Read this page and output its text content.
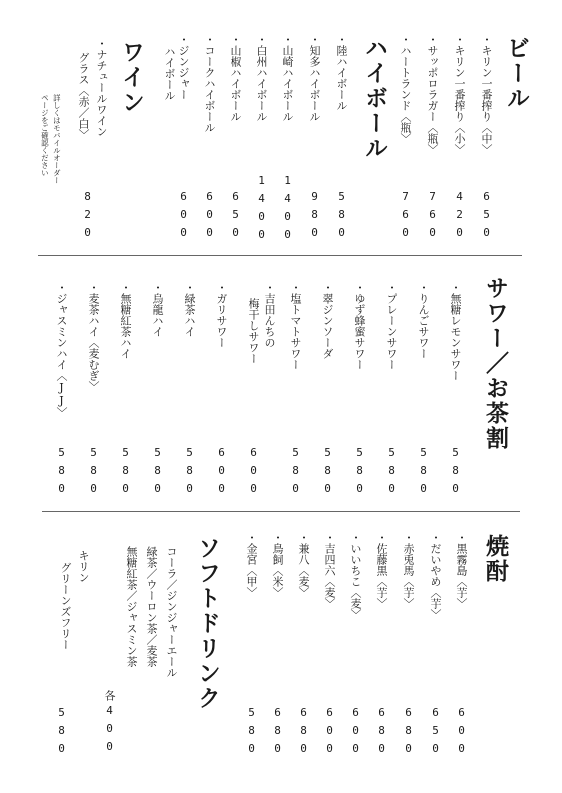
ビール
・キリン一番搾り〈中〉
・キリン一番搾り〈小〉
・サッポロラガー〈瓶〉
・ハートランド〈瓶〉
650
420
760
760
ハイボール
・陸ハイボール
・知多ハイボール
・山崎ハイボール
・白州ハイボール
・山椒ハイボール
・コークハイボール
・ジンジャー
ハイボール
580
980
1400
1400
650
600
600
ワイン
・ナチュールワイン
グラス〈赤／白〉
820
詳しくはモバイルオーダー
ページをご確認ください
サワー／お茶割
・無糖レモンサワー
・りんごサワー
・プレーンサワー
・ゆず蜂蜜サワー
・翠ジンソーダ
・塩トマトサワー
・吉田んちの
梅干しサワー
・ガリサワー
・緑茶ハイ
・烏龍ハイ
・無糖紅茶ハイ
・麦茶ハイ〈麦むぎ〉
・ジャスミンハイ〈JJ〉
580
580
580
580
580
580
600
600
580
580
580
580
580
焼酎
・黒霧島〈芋〉
・だいやめ〈芋〉
・赤兎馬〈芋〉
・佐藤黒〈芋〉
・いいちこ〈麦〉
・吉四六〈麦〉
・兼八〈麦〉
・鳥飼〈米〉
・金宮〈甲〉
600
650
680
680
600
600
680
680
580
ソフトドリンク
コーラ／ジンジャーエール
緑茶／ウーロン茶／麦茶
無糖紅茶／ジャスミン茶
各
400
キリン
グリーンズフリー
580
